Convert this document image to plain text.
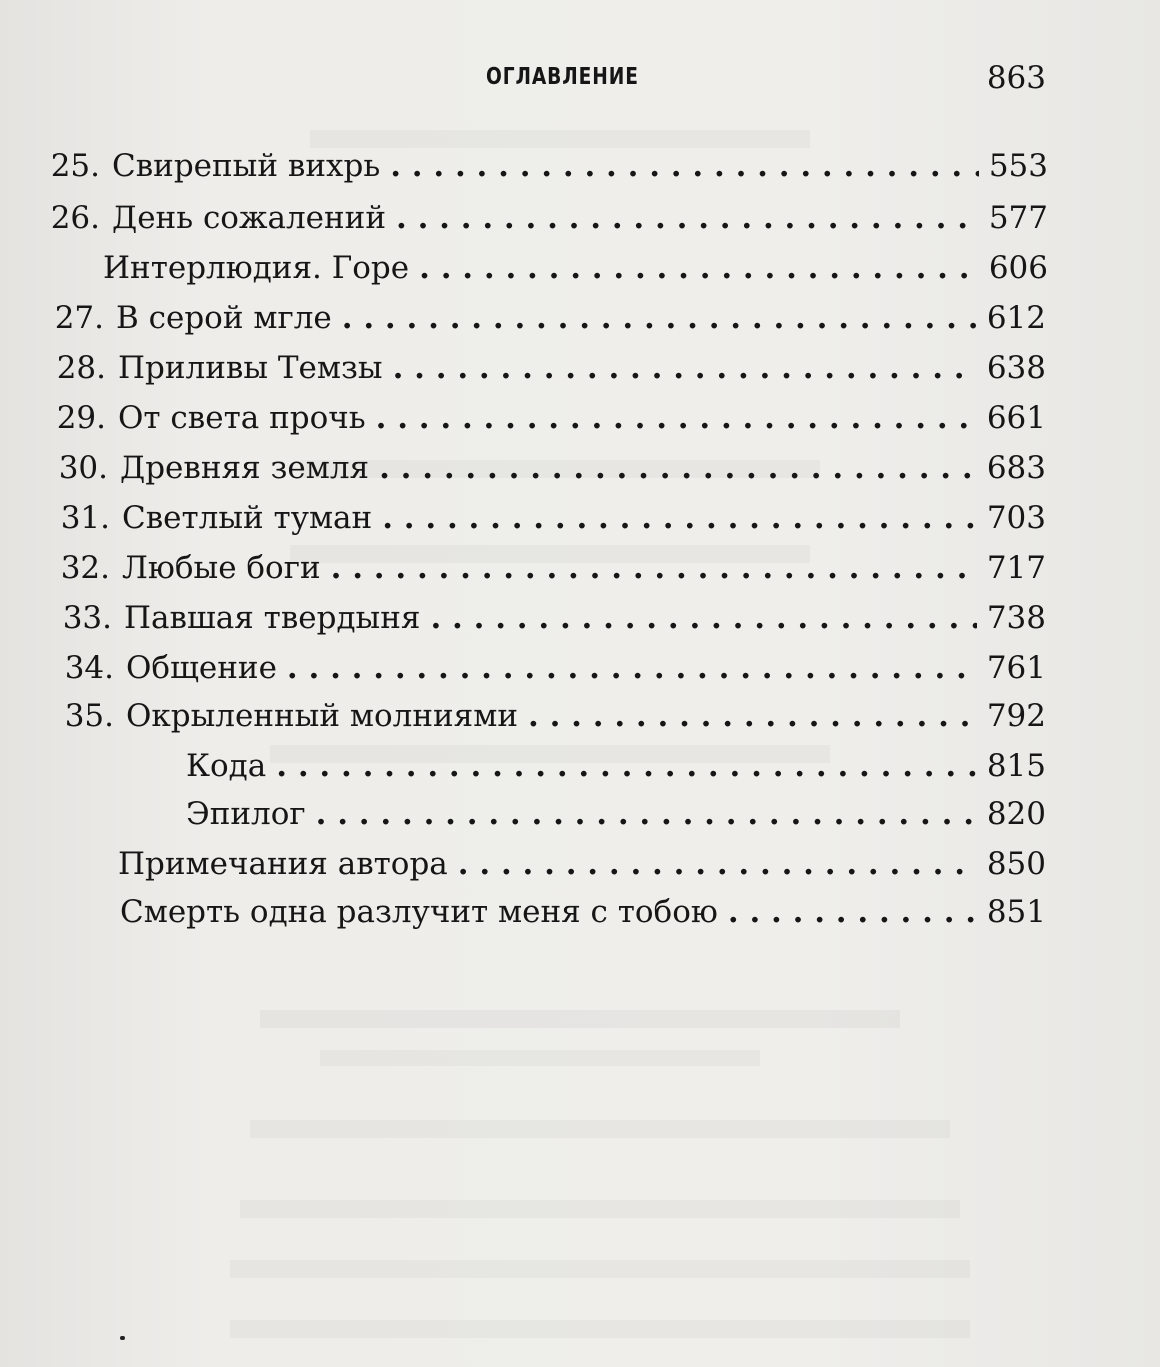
ОГЛАВЛЕНИЕ	863
25. Свирепый вихрь . . .	553
26. День сожалений . . .	577
Интерлюдия. Горе . . .	606
27. В серой мгле . . .	612
28. Приливы Темзы . . .	638
29. От света прочь . . .	661
30. Древняя земля . . .	683
31. Светлый туман . . .	703
32. Любые боги . . .	717
33. Павшая твердыня . . .	738
34. Общение . . .	761
35. Окрыленный молниями . . .	792
Кода . . .	815
Эпилог . . .	820
Примечания автора . . .	850
Смерть одна разлучит меня с тобою . . .	851
